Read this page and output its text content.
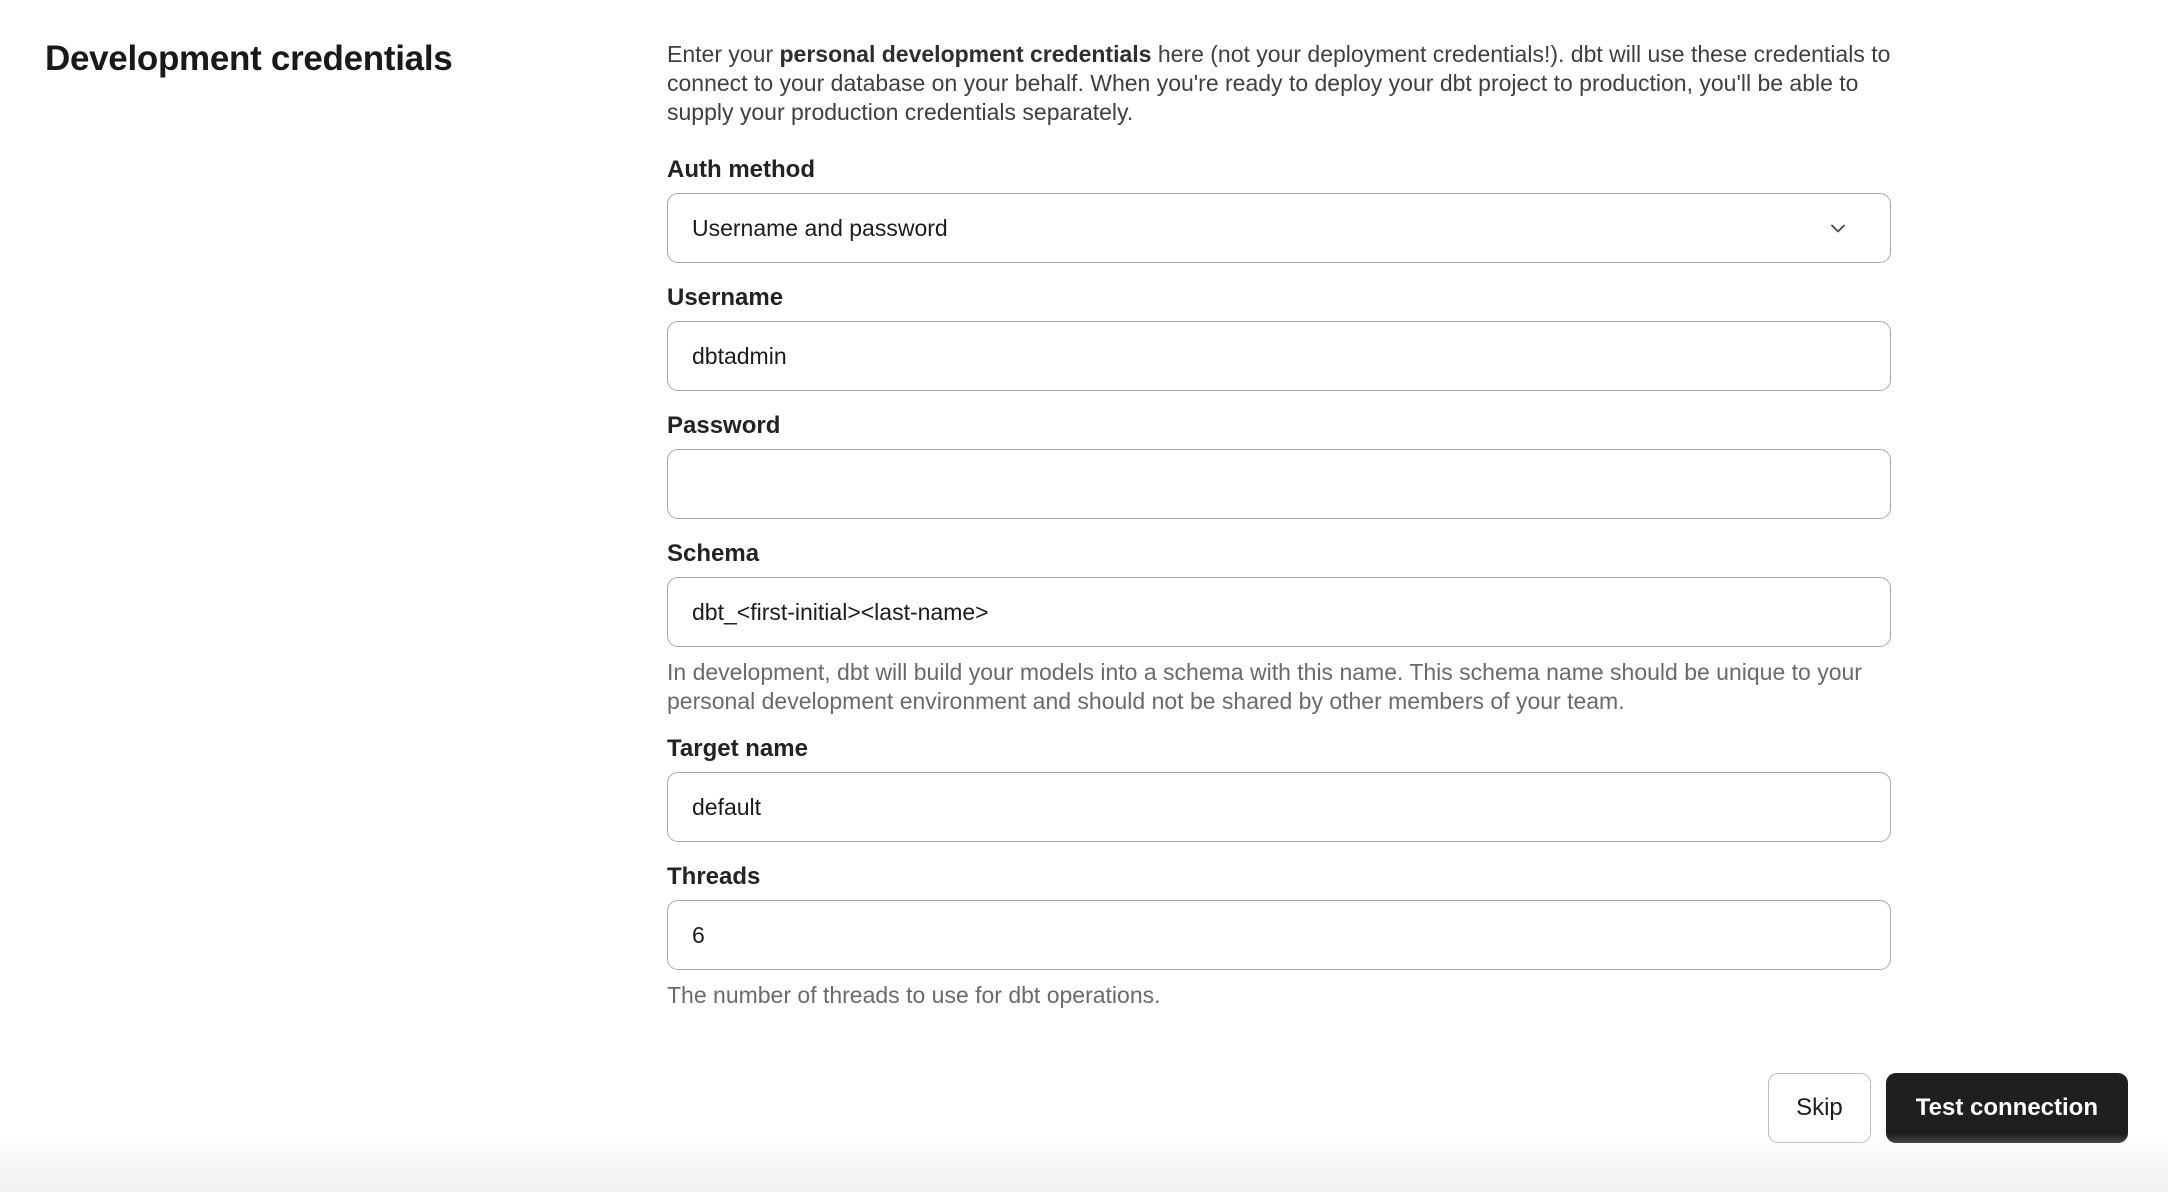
Development credentials	Enter your personal development credentials here (not your deployment credentials!). dbt will use these credentials to connect to your database on your behalf. When you're ready to deploy your dbt project to production, you'll be able to supply your production credentials separately.

Auth method
Username and password
Username
dbtadmin
Password
Schema
dbt_<first-initial><last-name>

In development, dbt will build your models into a schema with this name. This schema name should be unique to your personal development environment and should not be shared by other members of your team.

Target name
default
Threads
6

The number of threads to use for dbt operations.

Skip	Test connection
